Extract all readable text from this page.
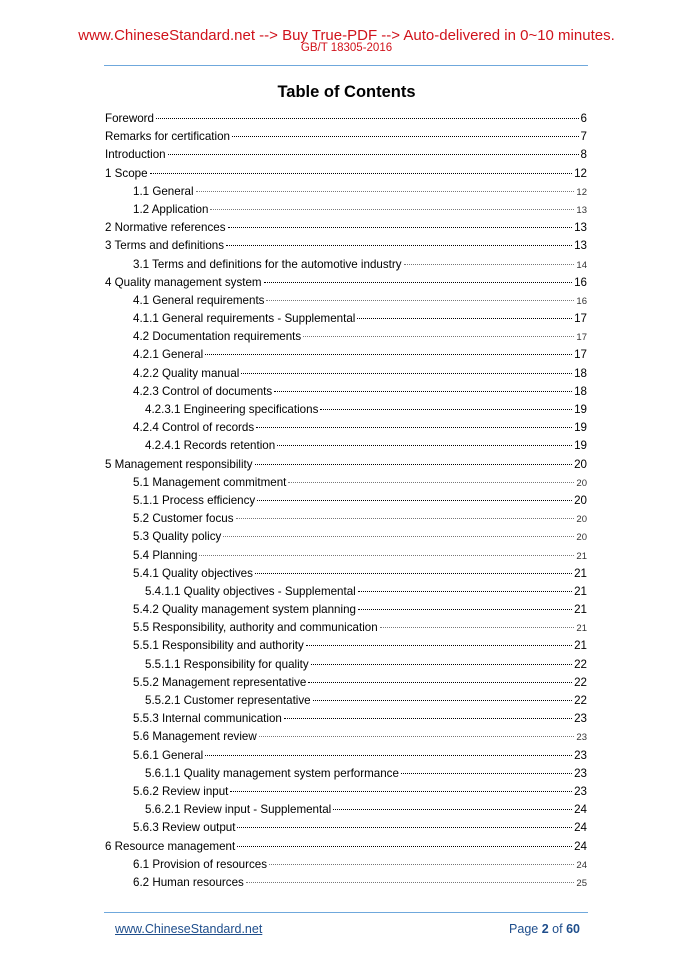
www.ChineseStandard.net --> Buy True-PDF --> Auto-delivered in 0~10 minutes.
GB/T 18305-2016
Table of Contents
Foreword	6
Remarks for certification	7
Introduction	8
1 Scope	12
1.1 General	12
1.2 Application	13
2 Normative references	13
3 Terms and definitions	13
3.1 Terms and definitions for the automotive industry	14
4 Quality management system	16
4.1 General requirements	16
4.1.1 General requirements - Supplemental	17
4.2 Documentation requirements	17
4.2.1 General	17
4.2.2 Quality manual	18
4.2.3 Control of documents	18
4.2.3.1 Engineering specifications	19
4.2.4 Control of records	19
4.2.4.1 Records retention	19
5 Management responsibility	20
5.1 Management commitment	20
5.1.1 Process efficiency	20
5.2 Customer focus	20
5.3 Quality policy	20
5.4 Planning	21
5.4.1 Quality objectives	21
5.4.1.1 Quality objectives - Supplemental	21
5.4.2 Quality management system planning	21
5.5 Responsibility, authority and communication	21
5.5.1 Responsibility and authority	21
5.5.1.1 Responsibility for quality	22
5.5.2 Management representative	22
5.5.2.1 Customer representative	22
5.5.3 Internal communication	23
5.6 Management review	23
5.6.1 General	23
5.6.1.1 Quality management system performance	23
5.6.2 Review input	23
5.6.2.1 Review input - Supplemental	24
5.6.3 Review output	24
6 Resource management	24
6.1 Provision of resources	24
6.2 Human resources	25
www.ChineseStandard.net	Page 2 of 60
